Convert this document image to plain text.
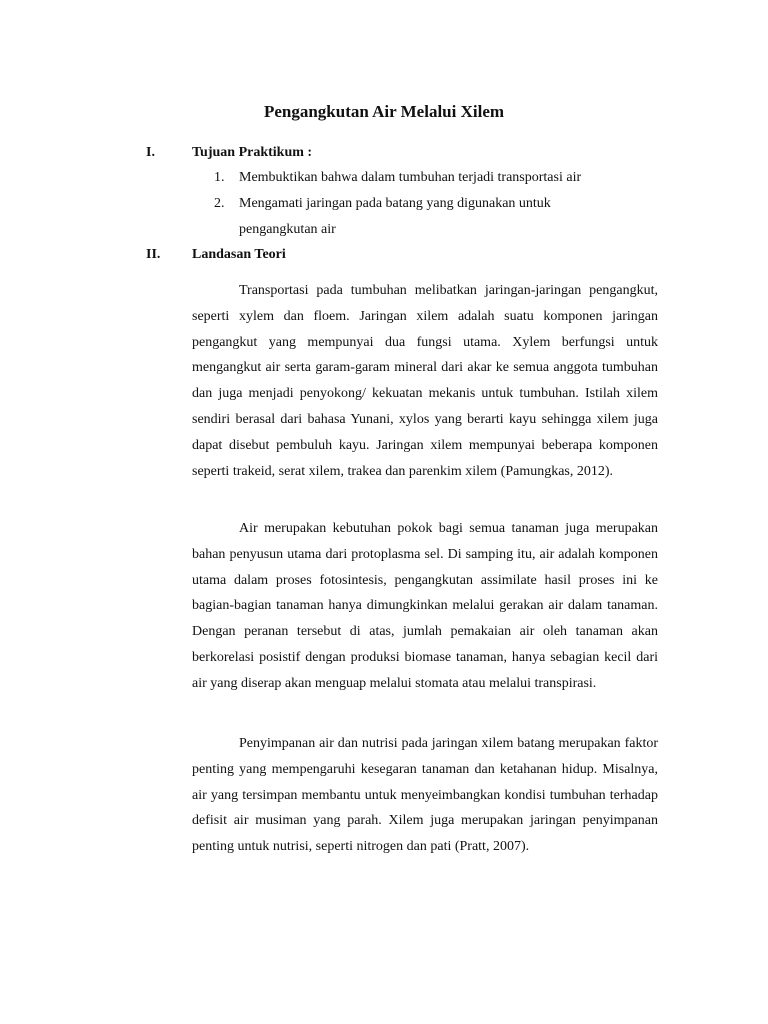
Pengangkutan Air Melalui Xilem
I.	Tujuan Praktikum :
1. Membuktikan bahwa dalam tumbuhan terjadi transportasi air
2. Mengamati jaringan pada batang yang digunakan untuk pengangkutan air
II. Landasan Teori

Transportasi pada tumbuhan melibatkan jaringan-jaringan pengangkut, seperti xylem dan floem. Jaringan xilem adalah suatu komponen jaringan pengangkut yang mempunyai dua fungsi utama. Xylem berfungsi untuk mengangkut air serta garam-garam mineral dari akar ke semua anggota tumbuhan dan juga menjadi penyokong/ kekuatan mekanis untuk tumbuhan. Istilah xilem sendiri berasal dari bahasa Yunani, xylos yang berarti kayu sehingga xilem juga dapat disebut pembuluh kayu. Jaringan xilem mempunyai beberapa komponen seperti trakeid, serat xilem, trakea dan parenkim xilem (Pamungkas, 2012).

Air merupakan kebutuhan pokok bagi semua tanaman juga merupakan bahan penyusun utama dari protoplasma sel. Di samping itu, air adalah komponen utama dalam proses fotosintesis, pengangkutan assimilate hasil proses ini ke bagian-bagian tanaman hanya dimungkinkan melalui gerakan air dalam tanaman. Dengan peranan tersebut di atas, jumlah pemakaian air oleh tanaman akan berkorelasi posistif dengan produksi biomase tanaman, hanya sebagian kecil dari air yang diserap akan menguap melalui stomata atau melalui transpirasi.

Penyimpanan air dan nutrisi pada jaringan xilem batang merupakan faktor penting yang mempengaruhi kesegaran tanaman dan ketahanan hidup. Misalnya, air yang tersimpan membantu untuk menyeimbangkan kondisi tumbuhan terhadap defisit air musiman yang parah. Xilem juga merupakan jaringan penyimpanan penting untuk nutrisi, seperti nitrogen dan pati (Pratt, 2007).
